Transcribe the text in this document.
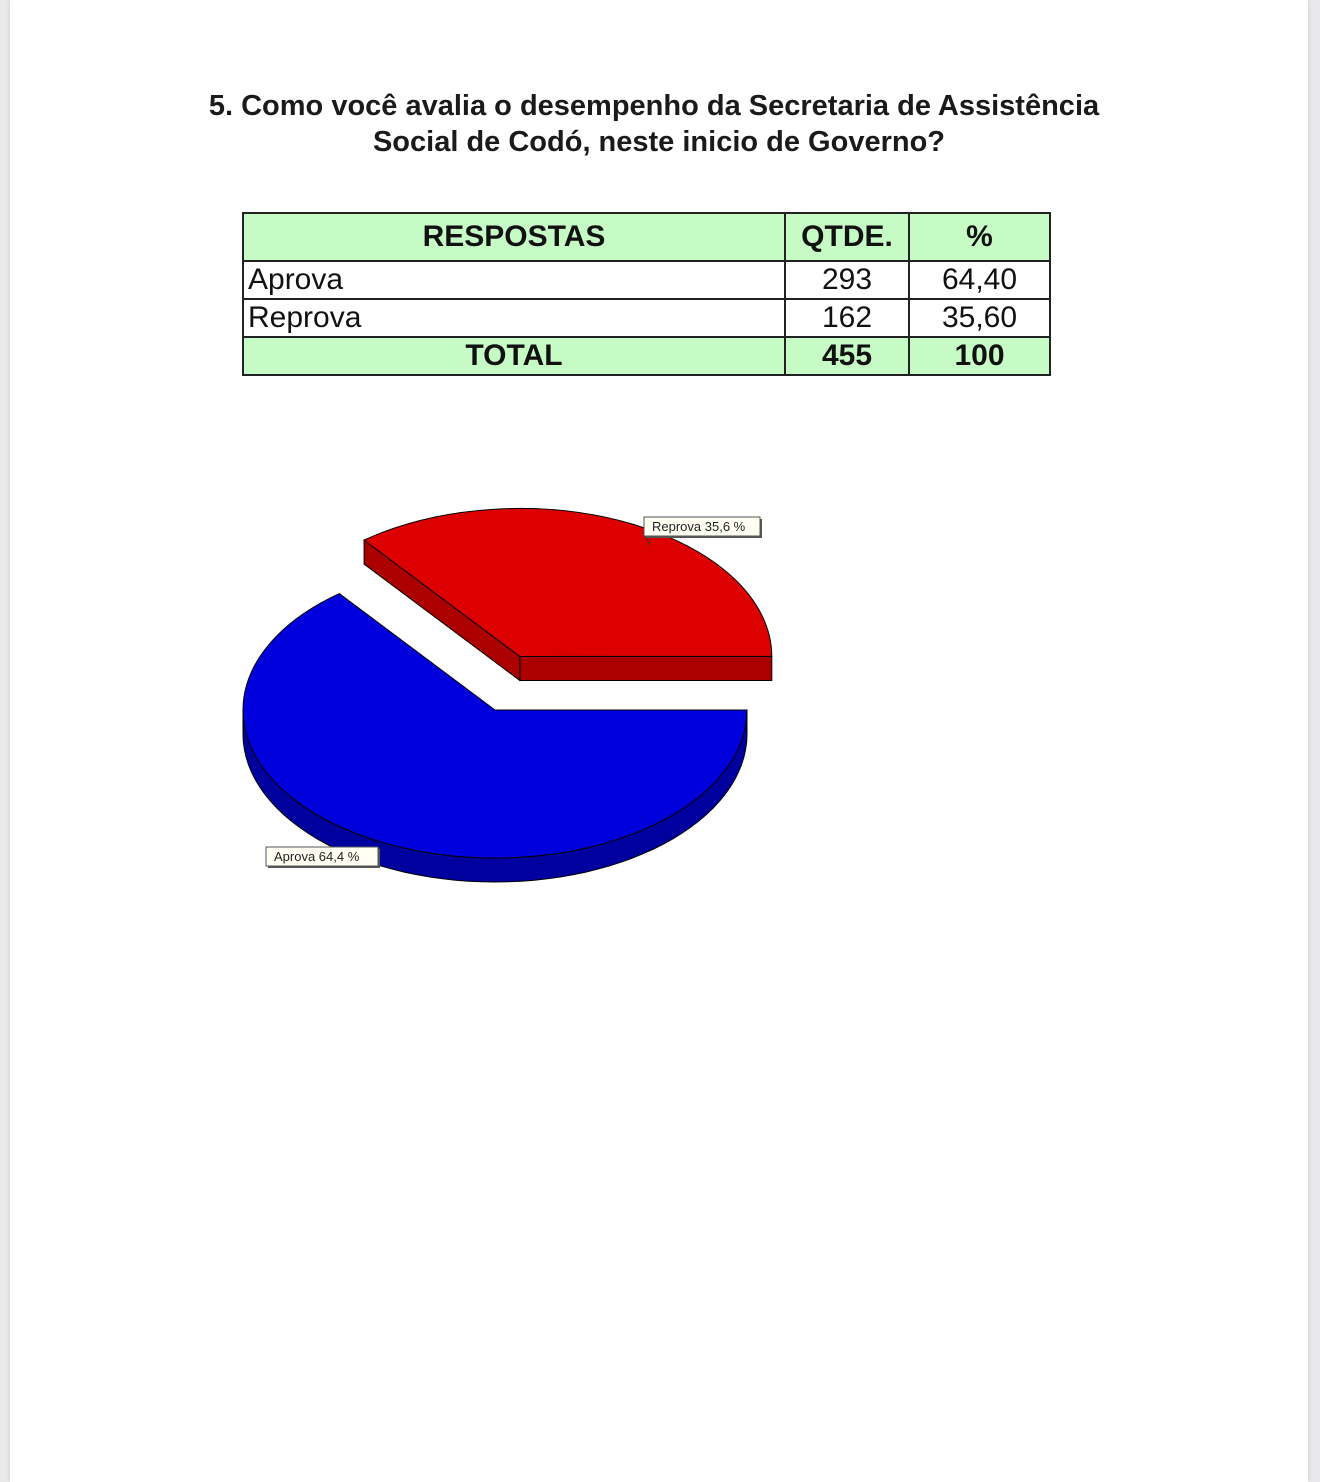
5. Como você avalia o desempenho da Secretaria de Assistência
Social de Codó, neste inicio de Governo?
RESPOSTAS	QTDE.	%
Aprova	293	64,40
Reprova	162	35,60
TOTAL	455	100
Aprova 64,4 %
Reprova 35,6 %
